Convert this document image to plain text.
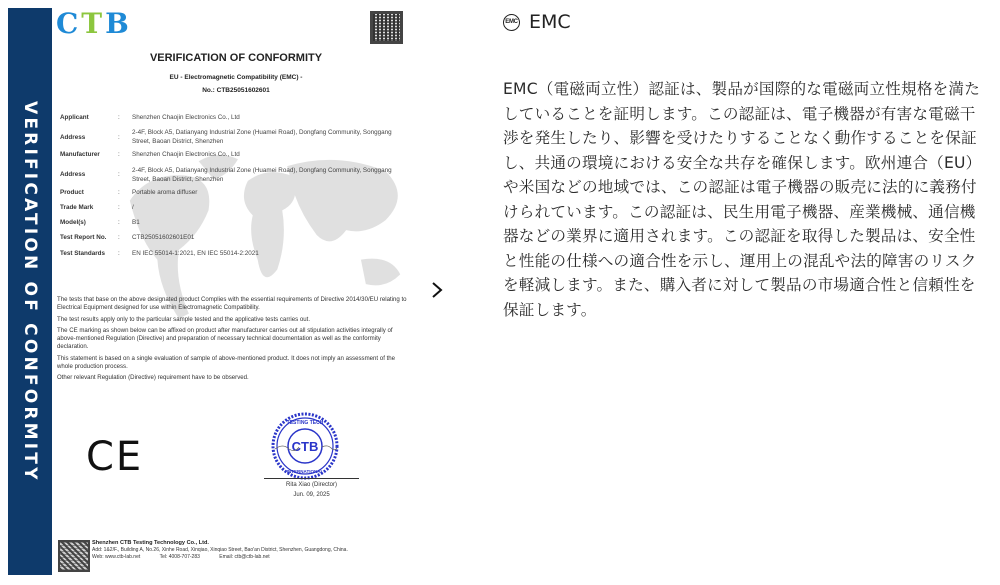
VERIFICATION OF CONFORMITY
CTB
VERIFICATION OF CONFORMITY
EU - Electromagnetic Compatibility (EMC) -
No.: CTB25051602601
Applicant	:	Shenzhen Chaojin Electronics Co., Ltd
Address	:
2-4F, Block A5, Datianyang Industrial Zone (Huamei Road), Dongfang Community, Songgang Street, Baoan District, Shenzhen
Manufacturer	:	Shenzhen Chaojin Electronics Co., Ltd
Address	:
2-4F, Block A5, Datianyang Industrial Zone (Huamei Road), Dongfang Community, Songgang Street, Baoan District, Shenzhen
Product	:	Portable aroma diffuser
Trade Mark	:	/
Model(s)	:	B1
Test Report No.	:	CTB25051602601E01
Test Standards	:	EN IEC 55014-1:2021, EN IEC 55014-2:2021

The tests that base on the above designated product Complies with the essential requirements of Directive 2014/30/EU relating to Electrical Equipment designed for use within Electromagnetic Compatibility.

The test results apply only to the particular sample tested and the applicative tests carries out.

The CE marking as shown below can be affixed on product after manufacturer carries out all stipulation activities integrally of above-mentioned Regulation (Directive) and preparation of necessary technical documentation as well as the conformity declaration.

This statement is based on a single evaluation of sample of above-mentioned product. It does not imply an assessment of the whole production process.

Other relevant Regulation (Directive) requirement have to be observed.

CE	CTB
TESTING TECH
INTERNATIONAL
Rita Xiao (Director)
Jun. 09, 2025
Shenzhen CTB Testing Technology Co., Ltd.
Add: 1&2/F., Building A, No.26, Xinhe Road, Xinqiao, Xinqiao Street, Bao'an District, Shenzhen, Guangdong, China.
Web: www.ctb-lab.net	Tel: 4008-707-283	Email: ctb@ctb-lab.net
EMC EMC
EMC（電磁両立性）認証は、製品が国際的な電磁両立性規格を満たしていることを証明します。この認証は、電子機器が有害な電磁干渉を発生したり、影響を受けたりすることなく動作することを保証し、共通の環境における安全な共存を確保します。欧州連合（EU）や米国などの地域では、この認証は電子機器の販売に法的に義務付けられています。この認証は、民生用電子機器、産業機械、通信機器などの業界に適用されます。この認証を取得した製品は、安全性と性能の仕様への適合性を示し、運用上の混乱や法的障害のリスクを軽減します。また、購入者に対して製品の市場適合性と信頼性を保証します。
